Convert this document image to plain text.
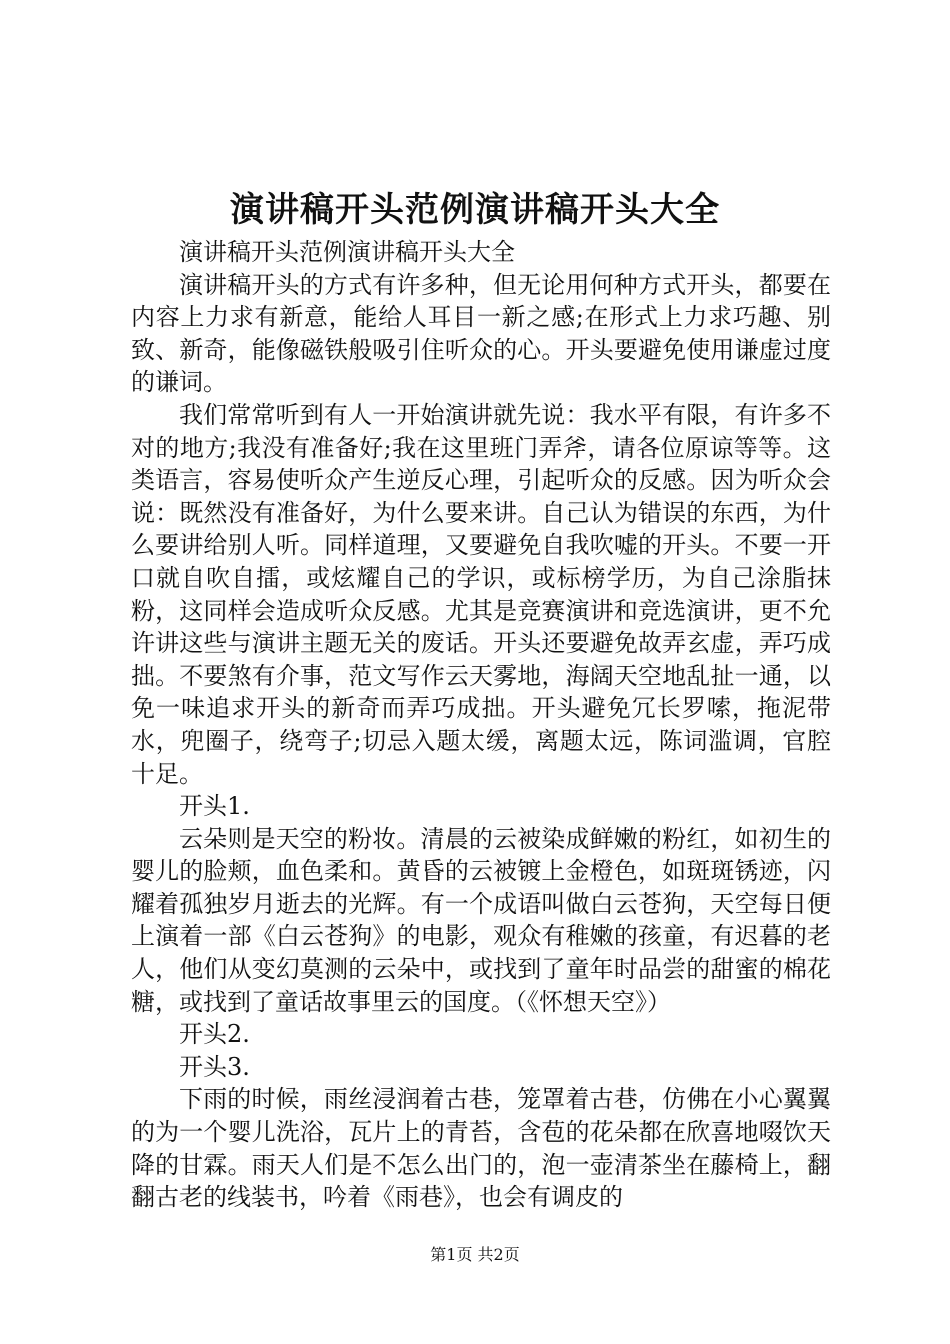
演讲稿开头范例演讲稿开头大全

演讲稿开头范例演讲稿开头大全

演讲稿开头的方式有许多种，但无论用何种方式开头，都要在内容上力求有新意，能给人耳目一新之感;在形式上力求巧趣、别致、新奇，能像磁铁般吸引住听众的心。开头要避免使用谦虚过度的谦词。

我们常常听到有人一开始演讲就先说：我水平有限，有许多不对的地方;我没有准备好;我在这里班门弄斧，请各位原谅等等。这类语言，容易使听众产生逆反心理，引起听众的反感。因为听众会说：既然没有准备好，为什么要来讲。自己认为错误的东西，为什么要讲给别人听。同样道理，又要避免自我吹嘘的开头。不要一开口就自吹自擂，或炫耀自己的学识，或标榜学历，为自己涂脂抹粉，这同样会造成听众反感。尤其是竞赛演讲和竞选演讲，更不允许讲这些与演讲主题无关的废话。开头还要避免故弄玄虚，弄巧成拙。不要煞有介事，范文写作云天雾地，海阔天空地乱扯一通，以免一味追求开头的新奇而弄巧成拙。开头避免冗长罗嗦，拖泥带水，兜圈子，绕弯子;切忌入题太缓，离题太远，陈词滥调，官腔十足。

开头1.

云朵则是天空的粉妆。清晨的云被染成鲜嫩的粉红，如初生的婴儿的脸颊，血色柔和。黄昏的云被镀上金橙色，如斑斑锈迹，闪耀着孤独岁月逝去的光辉。有一个成语叫做白云苍狗，天空每日便上演着一部《白云苍狗》的电影，观众有稚嫩的孩童，有迟暮的老人，他们从变幻莫测的云朵中，或找到了童年时品尝的甜蜜的棉花糖，或找到了童话故事里云的国度。（《怀想天空》）

开头2.

开头3.

下雨的时候，雨丝浸润着古巷，笼罩着古巷，仿佛在小心翼翼的为一个婴儿洗浴，瓦片上的青苔，含苞的花朵都在欣喜地啜饮天降的甘霖。雨天人们是不怎么出门的，泡一壶清茶坐在藤椅上，翻翻古老的线装书，吟着《雨巷》，也会有调皮的

第1页 共2页
